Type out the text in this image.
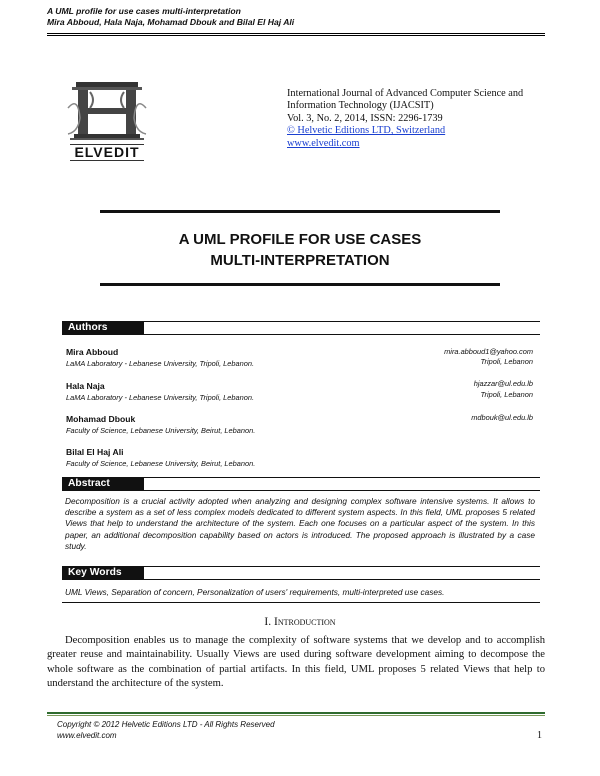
A UML profile for use cases multi-interpretation
Mira Abboud, Hala Naja, Mohamad Dbouk and Bilal El Haj Ali
ELVEDIT
International Journal of Advanced Computer Science and Information Technology (IJACSIT)
Vol. 3, No. 2, 2014, ISSN: 2296-1739
© Helvetic Editions LTD, Switzerland
www.elvedit.com
A UML PROFILE FOR USE CASES MULTI-INTERPRETATION
Authors
Mira Abboud
LaMA Laboratory - Lebanese University, Tripoli, Lebanon.
mira.abboud1@yahoo.com
Tripoli, Lebanon
Hala Naja
LaMA Laboratory - Lebanese University, Tripoli, Lebanon.
hjazzar@ul.edu.lb
Tripoli, Lebanon
Mohamad Dbouk
Faculty of Science, Lebanese University, Beirut, Lebanon.
mdbouk@ul.edu.lb
Bilal El Haj Ali
Faculty of Science, Lebanese University, Beirut, Lebanon.
Abstract
Decomposition is a crucial activity adopted when analyzing and designing complex software intensive systems. It allows to describe a system as a set of less complex models dedicated to different system aspects. In this field, UML proposes 5 related Views that help to understand the architecture of the system. Each one focuses on a particular aspect of the system. In this paper, an additional decomposition capability based on actors is introduced. The proposed approach is illustrated by a case study.
Key Words
UML Views, Separation of concern, Personalization of users' requirements, multi-interpreted use cases.
I. Introduction

Decomposition enables us to manage the complexity of software systems that we develop and to accomplish greater reuse and maintainability. Usually Views are used during software development aiming to decompose the whole software as the combination of partial artifacts. In this field, UML proposes 5 related Views that help to understand the architecture of the system.

Copyright © 2012 Helvetic Editions LTD - All Rights Reserved
www.elvedit.com	1
